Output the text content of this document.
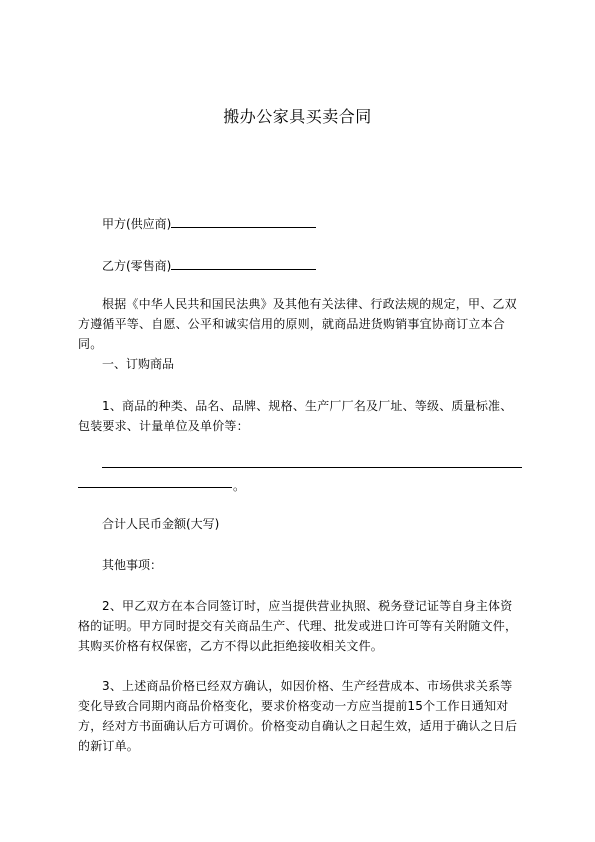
搬办公家具买卖合同
甲方(供应商)
乙方(零售商)
根据《中华人民共和国民法典》及其他有关法律、行政法规的规定，甲、乙双方遵循平等、自愿、公平和诚实信用的原则，就商品进货购销事宜协商订立本合同。
一、订购商品
1、商品的种类、品名、品牌、规格、生产厂厂名及厂址、等级、质量标准、包装要求、计量单位及单价等：
。
合计人民币金额(大写)
其他事项：
2、甲乙双方在本合同签订时，应当提供营业执照、税务登记证等自身主体资格的证明。甲方同时提交有关商品生产、代理、批发或进口许可等有关附随文件，其购买价格有权保密，乙方不得以此拒绝接收相关文件。
3、上述商品价格已经双方确认，如因价格、生产经营成本、市场供求关系等变化导致合同期内商品价格变化，要求价格变动一方应当提前15个工作日通知对方，经对方书面确认后方可调价。价格变动自确认之日起生效，适用于确认之日后的新订单。
